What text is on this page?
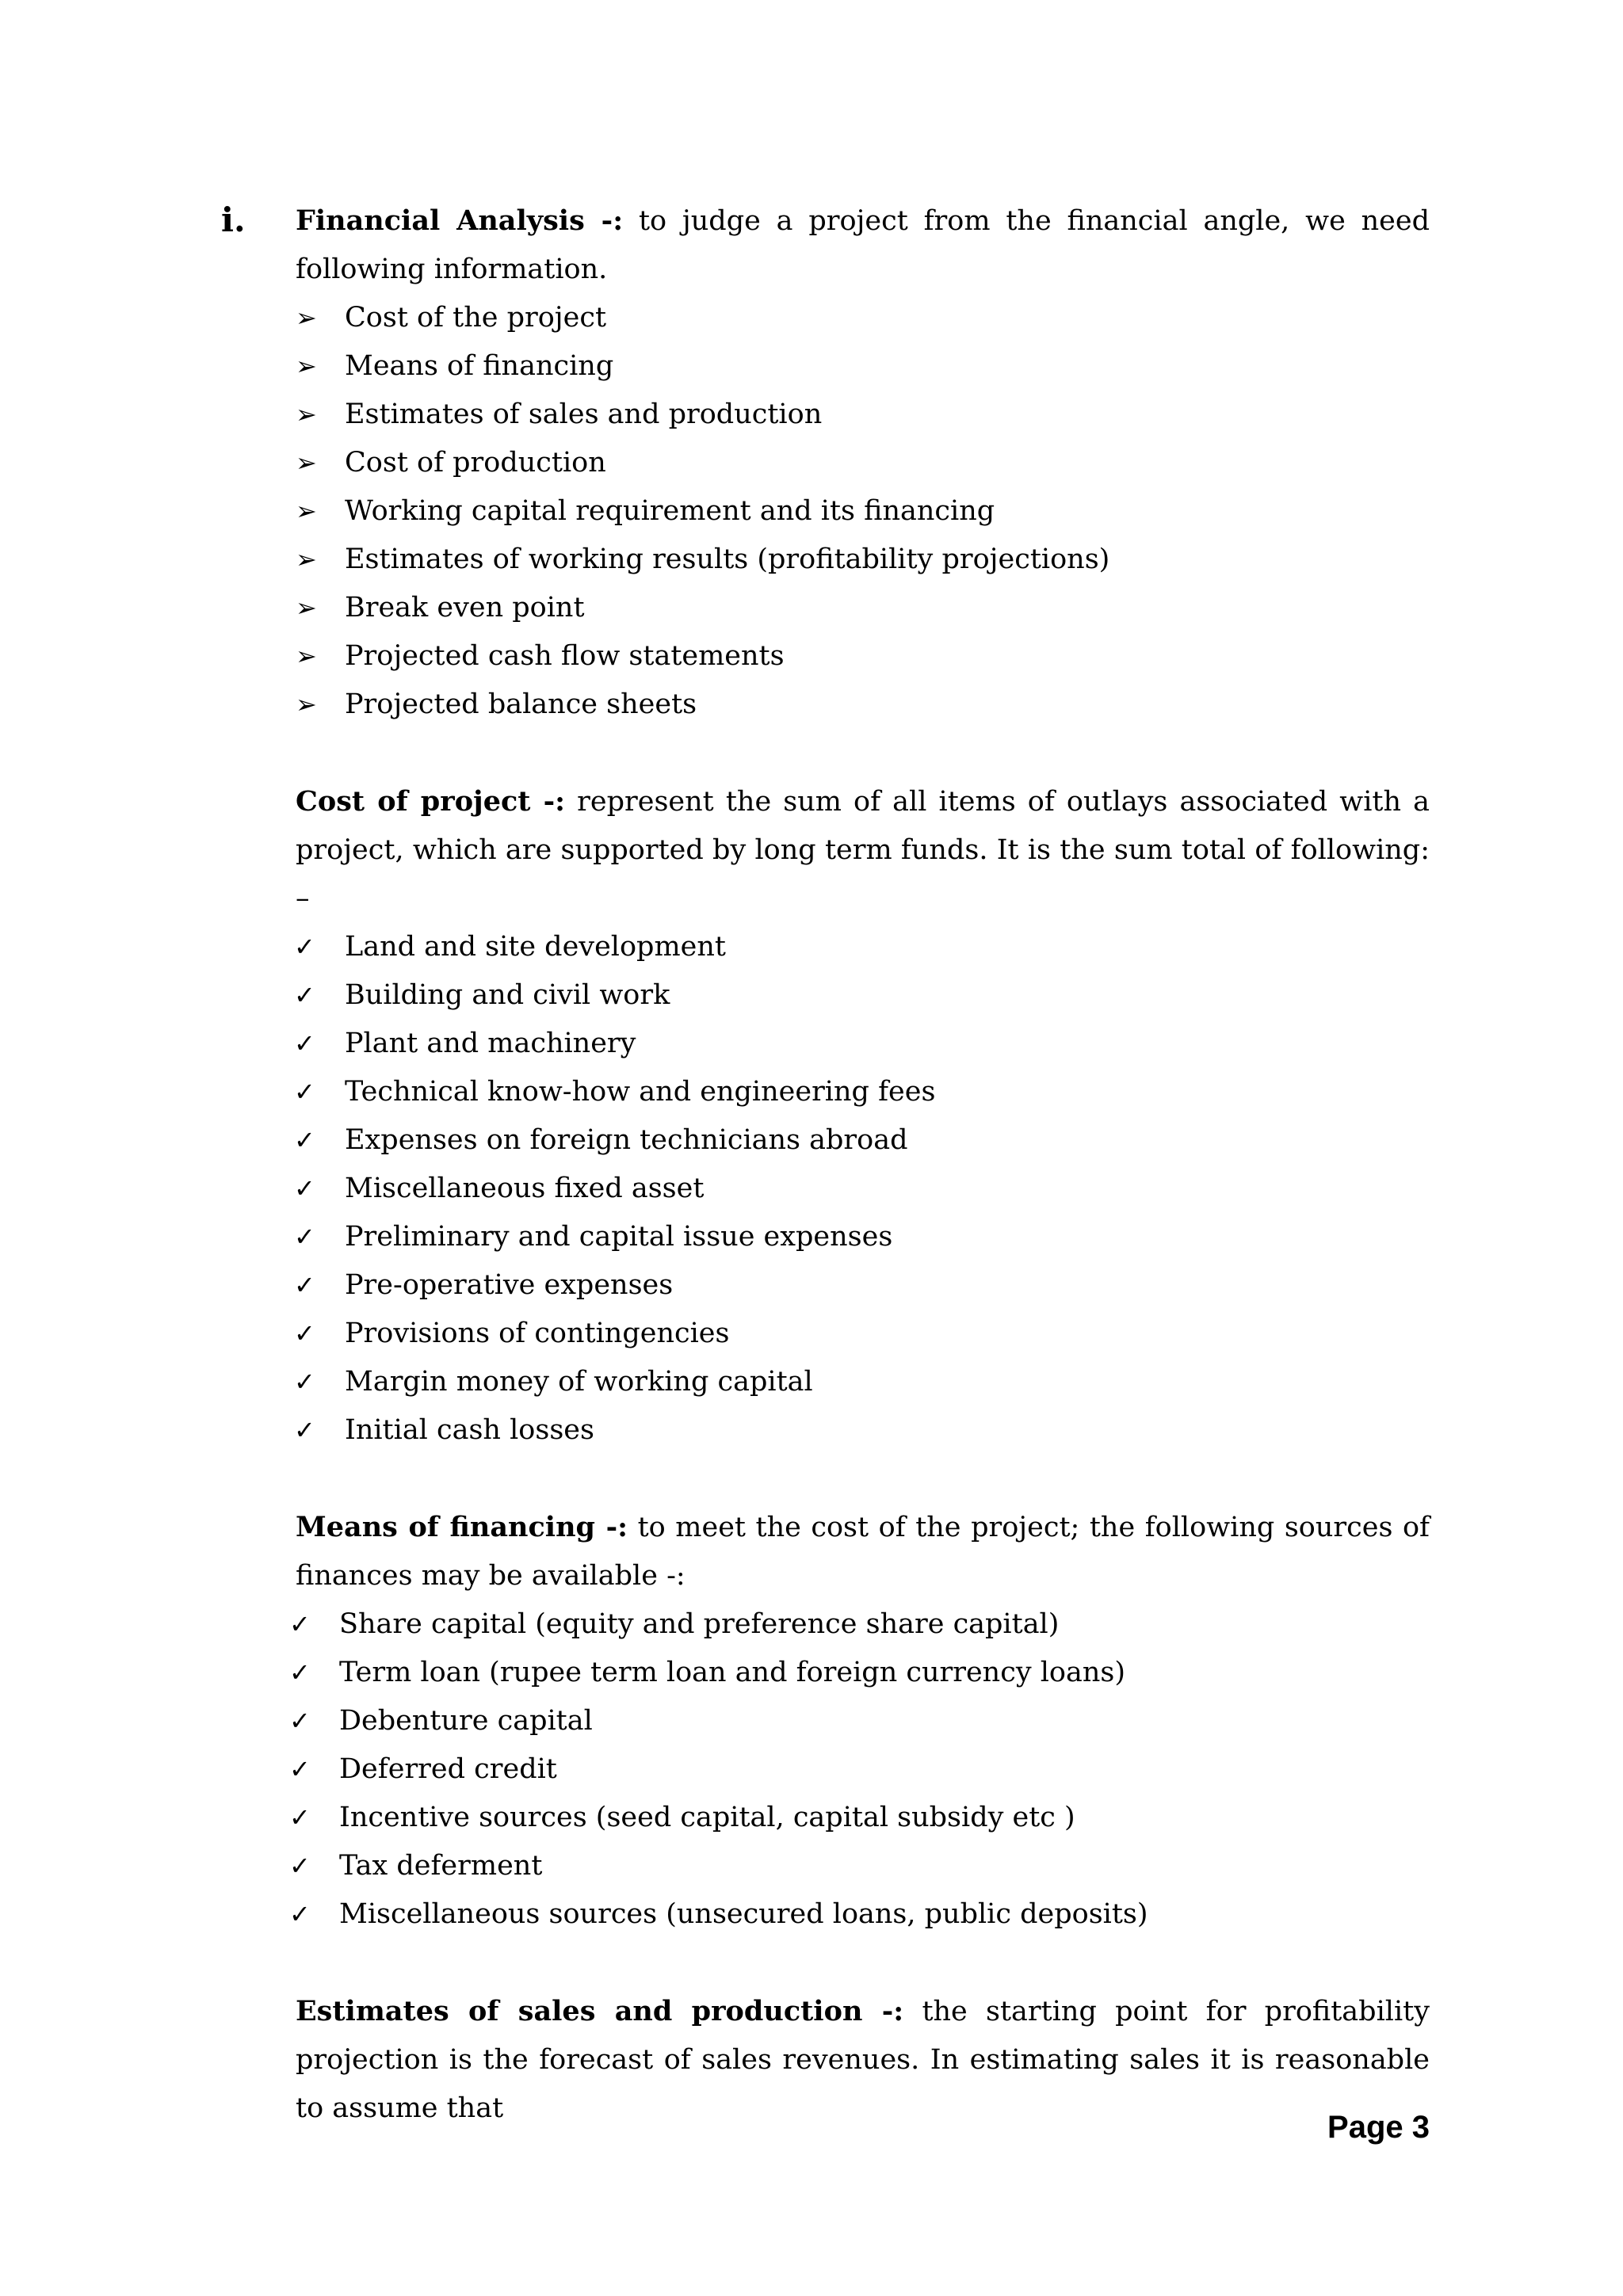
i. Financial Analysis -: to judge a project from the financial angle, we need following information.

➢	Cost of the project
➢	Means of financing
➢	Estimates of sales and production
➢	Cost of production
➢	Working capital requirement and its financing
➢	Estimates of working results (profitability projections)
➢	Break even point
➢	Projected cash flow statements
➢	Projected balance sheets

Cost of project -: represent the sum of all items of outlays associated with a project, which are supported by long term funds. It is the sum total of following: –

✓	Land and site development
✓	Building and civil work
✓	Plant and machinery
✓	Technical know-how and engineering fees
✓	Expenses on foreign technicians abroad
✓	Miscellaneous fixed asset
✓	Preliminary and capital issue expenses
✓	Pre-operative expenses
✓	Provisions of contingencies
✓	Margin money of working capital
✓	Initial cash losses

Means of financing -: to meet the cost of the project; the following sources of finances may be available -:

✓	Share capital (equity and preference share capital)
✓	Term loan (rupee term loan and foreign currency loans)
✓	Debenture capital
✓	Deferred credit
✓	Incentive sources (seed capital, capital subsidy etc )
✓	Tax deferment
✓	Miscellaneous sources (unsecured loans, public deposits)

Estimates of sales and production -: the starting point for profitability projection is the forecast of sales revenues. In estimating sales it is reasonable to assume that

Page 3
